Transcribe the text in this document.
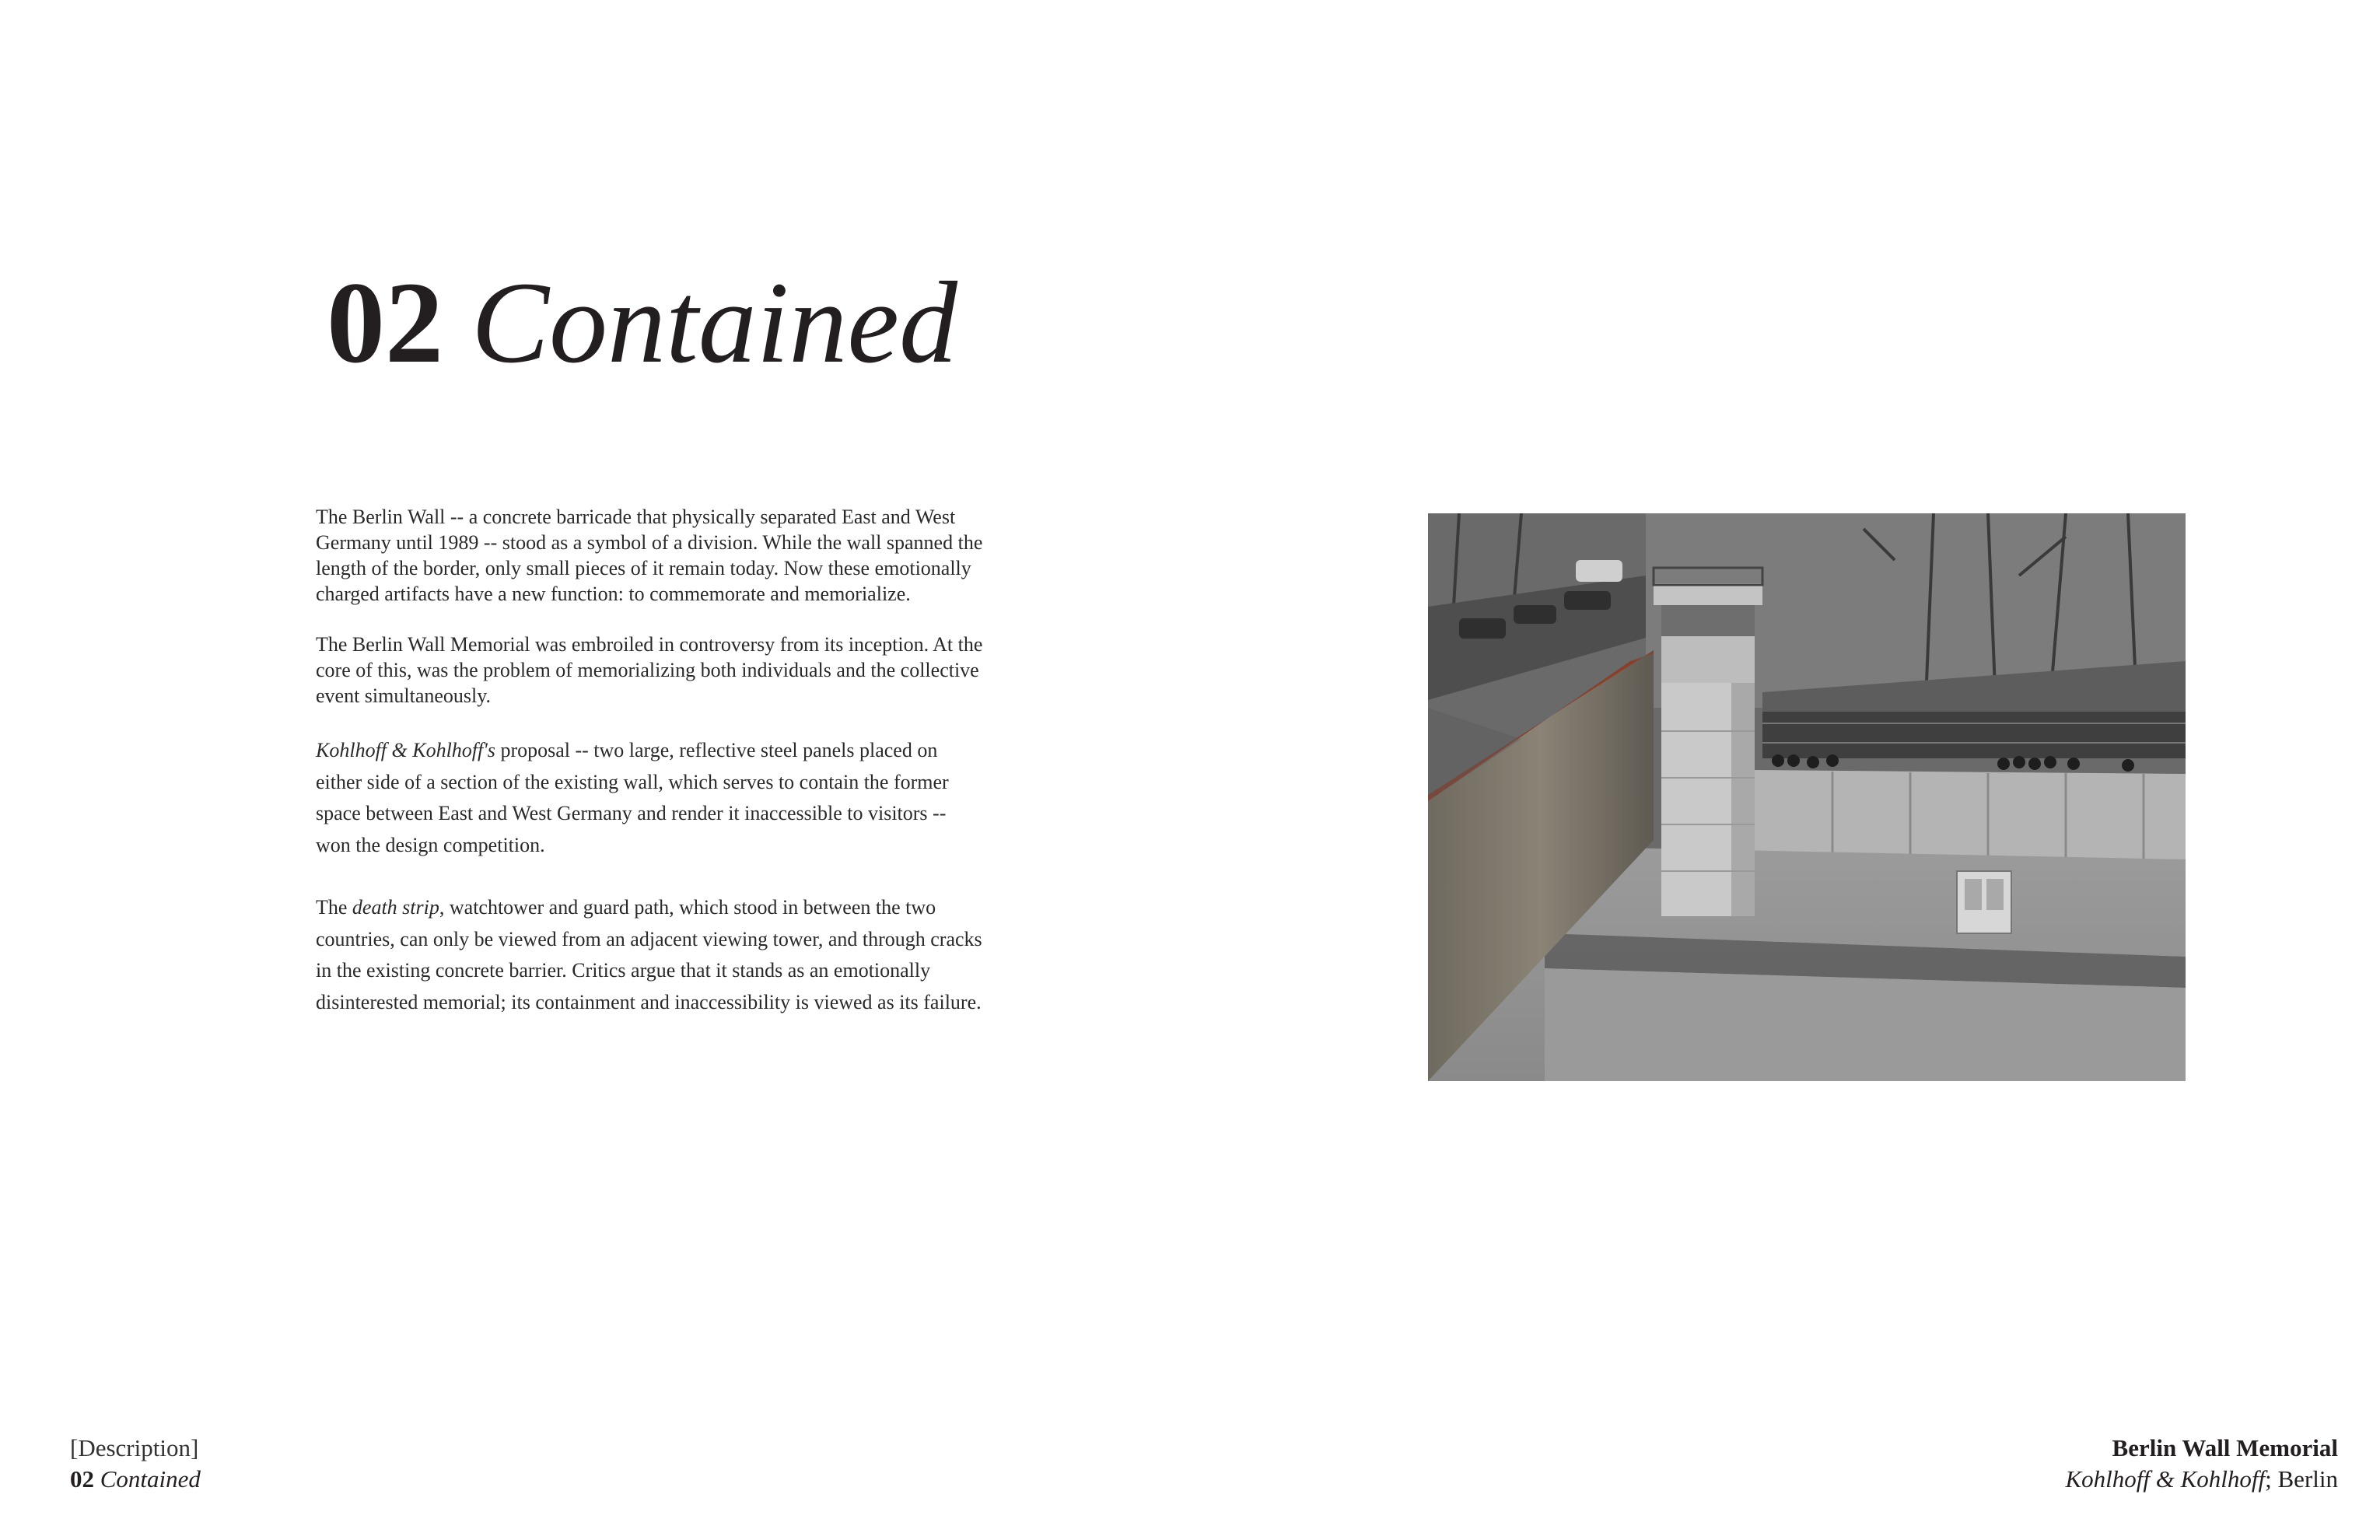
02 Contained

The Berlin Wall -- a concrete barricade that physically separated East and West Germany until 1989 -- stood as a symbol of a division. While the wall spanned the length of the border, only small pieces of it remain today. Now these emotionally charged artifacts have a new function: to commemorate and memorialize.

The Berlin Wall Memorial was embroiled in controversy from its inception. At the core of this, was the problem of memorializing both individuals and the collective event simultaneously.

Kohlhoff & Kohlhoff's proposal -- two large, reflective steel panels placed on either side of a section of the existing wall, which serves to contain the former space between East and West Germany and render it inaccessible to visitors -- won the design competition.

The death strip, watchtower and guard path, which stood in between the two countries, can only be viewed from an adjacent viewing tower, and through cracks in the existing concrete barrier. Critics argue that it stands as an emotionally disinterested memorial; its containment and inaccessibility is viewed as its failure.

[Description]
02 Contained
Berlin Wall Memorial
Kohlhoff & Kohlhoff; Berlin
